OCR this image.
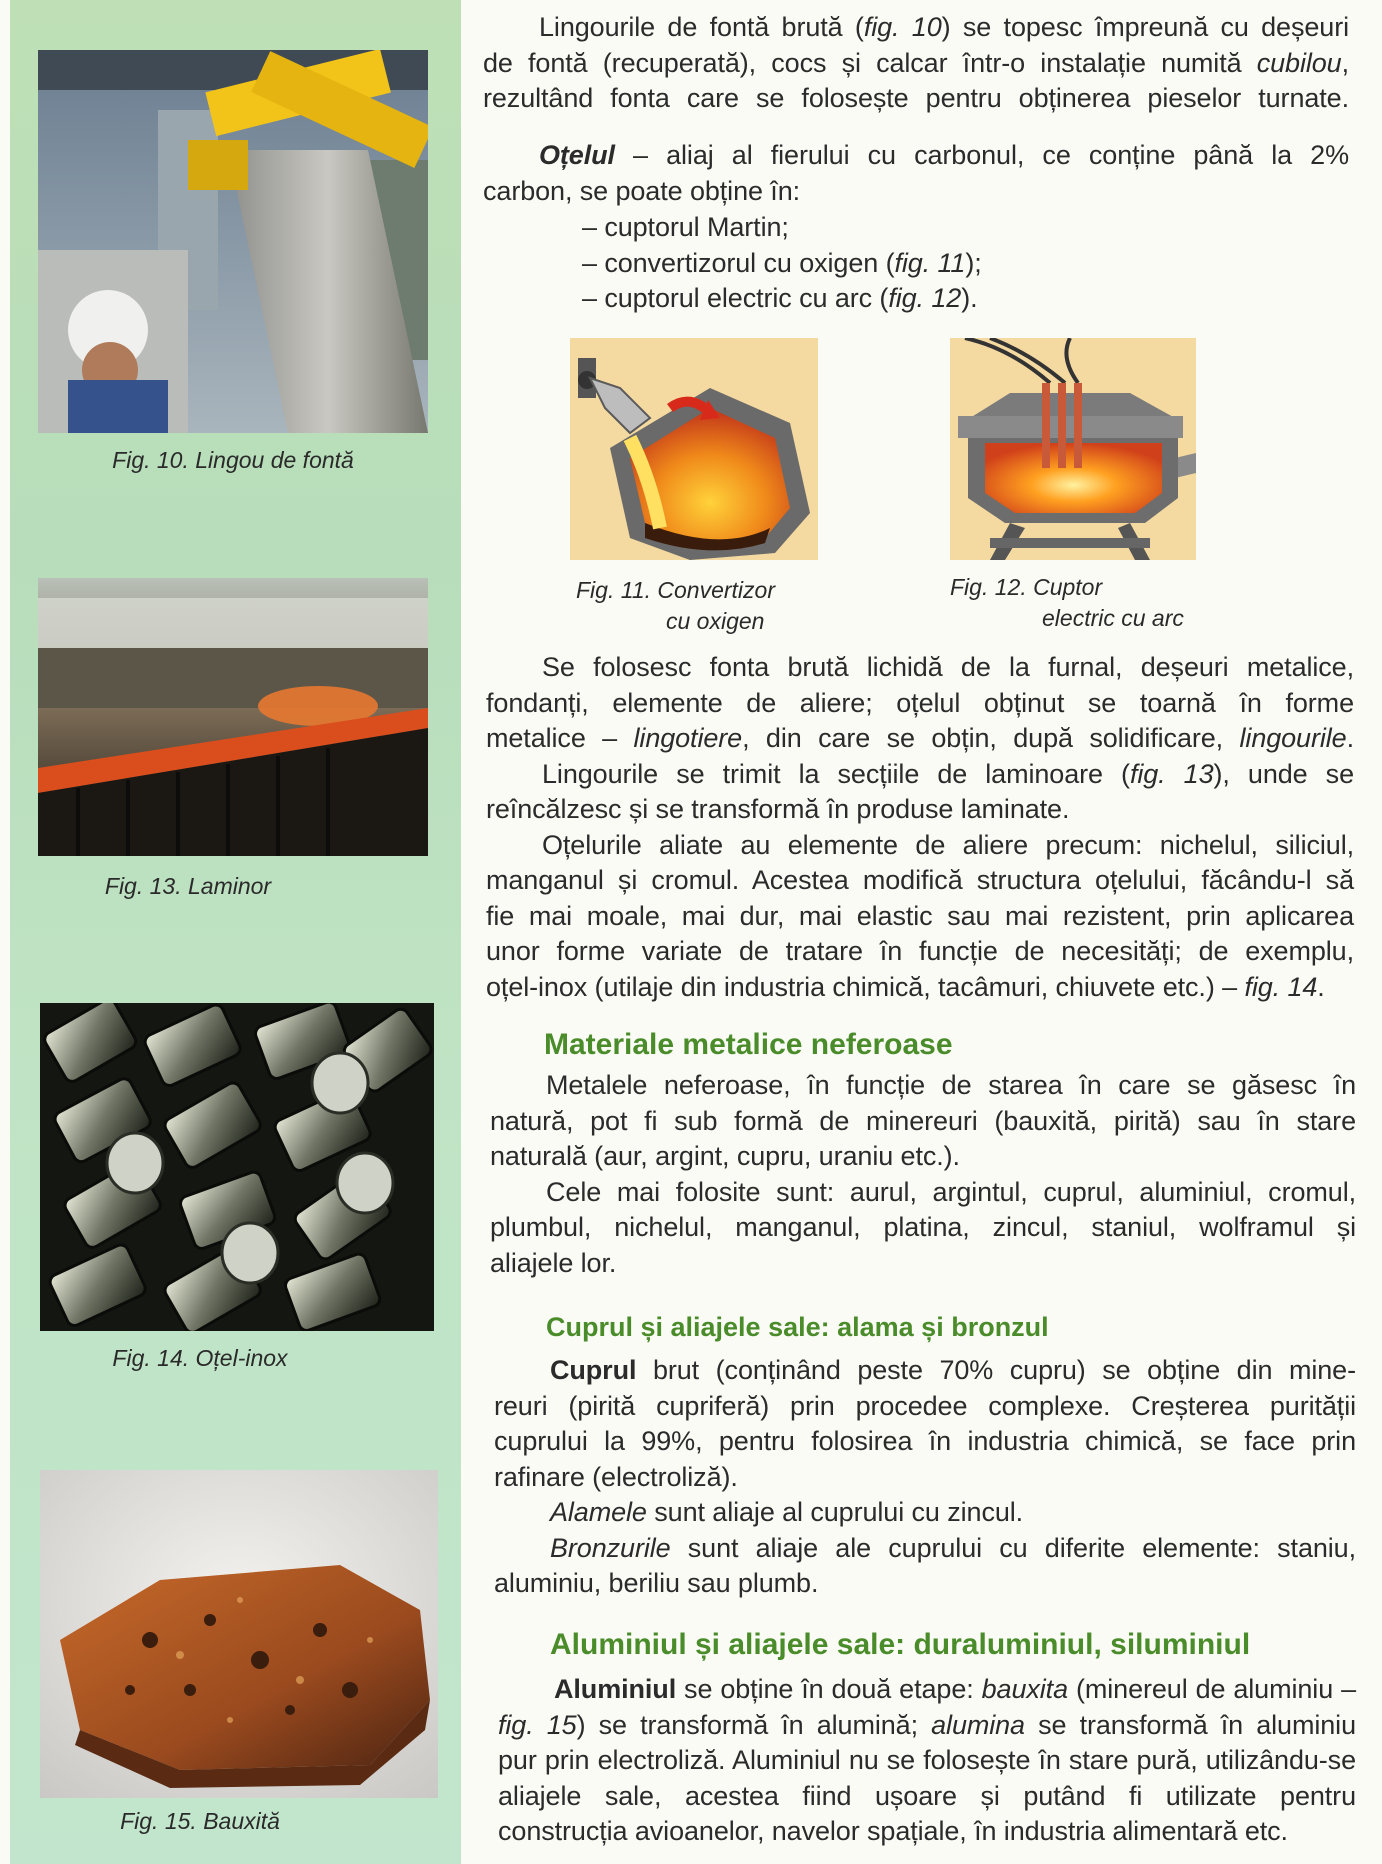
Fig. 10. Lingou de fontă
Fig. 13. Laminor
Fig. 14. Oțel-inox
Fig. 15. Bauxită
Lingourile de fontă brută (fig. 10) se topesc împreună cu deșeuri
de fontă (recuperată), cocs și calcar într-o instalație numită cubilou,
rezultând fonta care se folosește pentru obținerea pieselor turnate.
Oțelul – aliaj al fierului cu carbonul, ce conține până la 2%
carbon, se poate obține în:
– cuptorul Martin;
– convertizorul cu oxigen (fig. 11);
– cuptorul electric cu arc (fig. 12).
Fig. 11. Convertizor
cu oxigen
Fig. 12. Cuptor
electric cu arc
Se folosesc fonta brută lichidă de la furnal, deșeuri metalice,
fondanți, elemente de aliere; oțelul obținut se toarnă în forme
metalice – lingotiere, din care se obțin, după solidificare, lingourile.
Lingourile se trimit la secțiile de laminoare (fig. 13), unde se
reîncălzesc și se transformă în produse laminate.
Oțelurile aliate au elemente de aliere precum: nichelul, siliciul,
manganul și cromul. Acestea modifică structura oțelului, făcându-l să
fie mai moale, mai dur, mai elastic sau mai rezistent, prin aplicarea
unor forme variate de tratare în funcție de necesități; de exemplu,
oțel-inox (utilaje din industria chimică, tacâmuri, chiuvete etc.) – fig. 14.
Materiale metalice neferoase
Metalele neferoase, în funcție de starea în care se găsesc în
natură, pot fi sub formă de minereuri (bauxită, pirită) sau în stare
naturală (aur, argint, cupru, uraniu etc.).
Cele mai folosite sunt: aurul, argintul, cuprul, aluminiul, cromul,
plumbul, nichelul, manganul, platina, zincul, staniul, wolframul și
aliajele lor.
Cuprul și aliajele sale: alama și bronzul
Cuprul brut (conținând peste 70% cupru) se obține din mine-
reuri (pirită cupriferă) prin procedee complexe. Creșterea purității
cuprului la 99%, pentru folosirea în industria chimică, se face prin
rafinare (electroliză).
Alamele sunt aliaje al cuprului cu zincul.
Bronzurile sunt aliaje ale cuprului cu diferite elemente: staniu,
aluminiu, beriliu sau plumb.
Aluminiul și aliajele sale: duraluminiul, siluminiul
Aluminiul se obține în două etape: bauxita (minereul de aluminiu –
fig. 15) se transformă în alumină; alumina se transformă în aluminiu
pur prin electroliză. Aluminiul nu se folosește în stare pură, utilizându-se
aliajele sale, acestea fiind ușoare și putând fi utilizate pentru
construcția avioanelor, navelor spațiale, în industria alimentară etc.
